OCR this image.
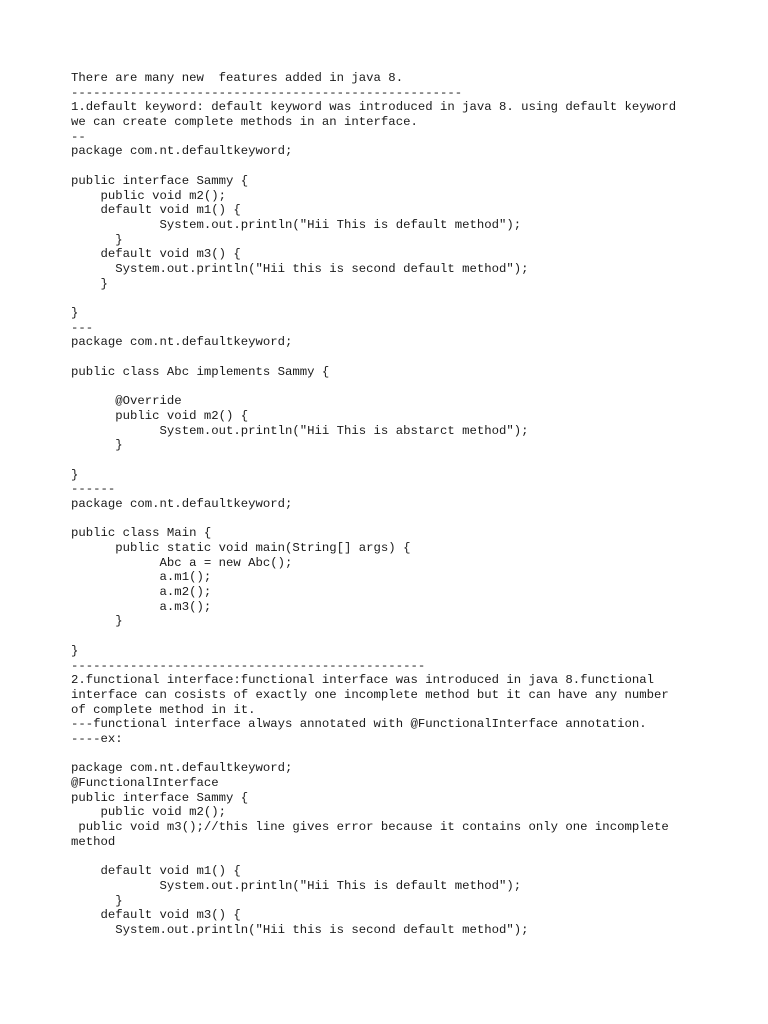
There are many new  features added in java 8.
-----------------------------------------------------
1.default keyword: default keyword was introduced in java 8. using default keyword
we can create complete methods in an interface.
--
package com.nt.defaultkeyword;

public interface Sammy {
public void m2();
default void m1() {
System.out.println("Hii This is default method");
}
default void m3() {
System.out.println("Hii this is second default method");
}

}
---
package com.nt.defaultkeyword;

public class Abc implements Sammy {

@Override
public void m2() {
System.out.println("Hii This is abstarct method");
}

}
------
package com.nt.defaultkeyword;

public class Main {
public static void main(String[] args) {
Abc a = new Abc();
a.m1();
a.m2();
a.m3();
}

}
------------------------------------------------
2.functional interface:functional interface was introduced in java 8.functional
interface can cosists of exactly one incomplete method but it can have any number
of complete method in it.
---functional interface always annotated with @FunctionalInterface annotation.
----ex:

package com.nt.defaultkeyword;
@FunctionalInterface
public interface Sammy {
public void m2();
public void m3();//this line gives error because it contains only one incomplete
method

default void m1() {
System.out.println("Hii This is default method");
}
default void m3() {
System.out.println("Hii this is second default method");
